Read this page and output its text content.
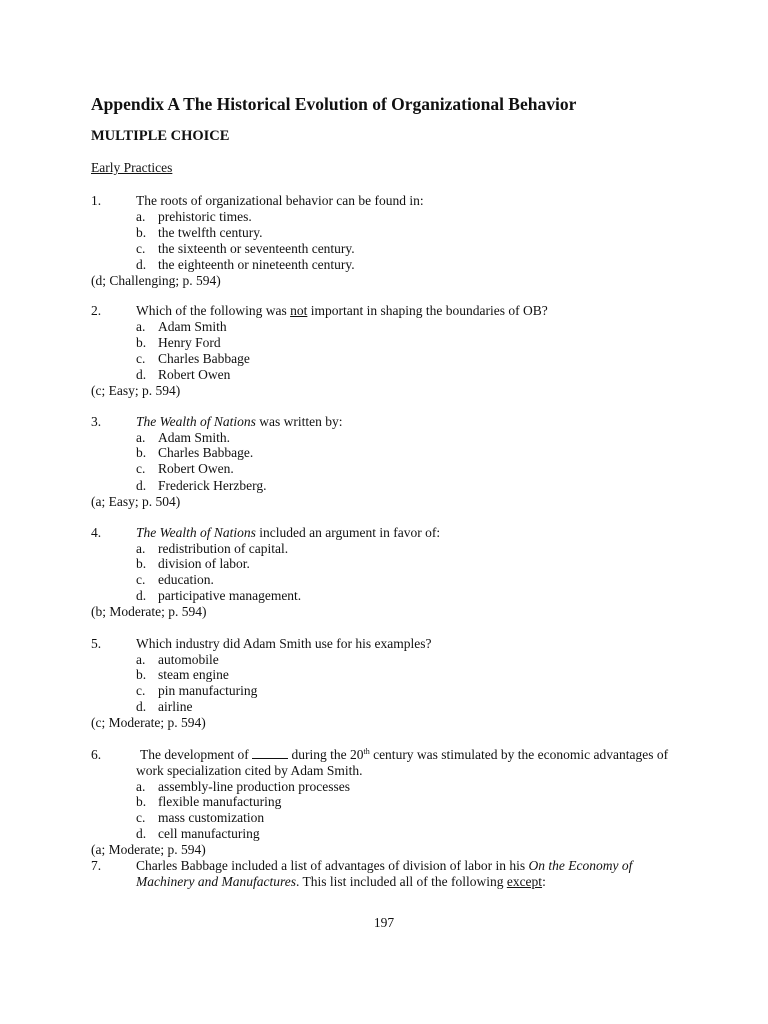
Appendix A The Historical Evolution of Organizational Behavior
MULTIPLE CHOICE
Early Practices
1.	The roots of organizational behavior can be found in:
a. prehistoric times.
b. the twelfth century.
c. the sixteenth or seventeenth century.
d. the eighteenth or nineteenth century.
(d; Challenging; p. 594)
2.	Which of the following was not important in shaping the boundaries of OB?
a. Adam Smith
b. Henry Ford
c. Charles Babbage
d. Robert Owen
(c; Easy; p. 594)
3.	The Wealth of Nations was written by:
a. Adam Smith.
b. Charles Babbage.
c. Robert Owen.
d. Frederick Herzberg.
(a; Easy; p. 504)
4.	The Wealth of Nations included an argument in favor of:
a. redistribution of capital.
b. division of labor.
c. education.
d. participative management.
(b; Moderate; p. 594)
5.	Which industry did Adam Smith use for his examples?
a. automobile
b. steam engine
c. pin manufacturing
d. airline
(c; Moderate; p. 594)
6.	The development of	during the 20th century was stimulated by the economic advantages of
work specialization cited by Adam Smith.
a. assembly-line production processes
b. flexible manufacturing
c. mass customization
d. cell manufacturing
(a; Moderate; p. 594)
7.	Charles Babbage included a list of advantages of division of labor in his On the Economy of
Machinery and Manufactures. This list included all of the following except:
197
